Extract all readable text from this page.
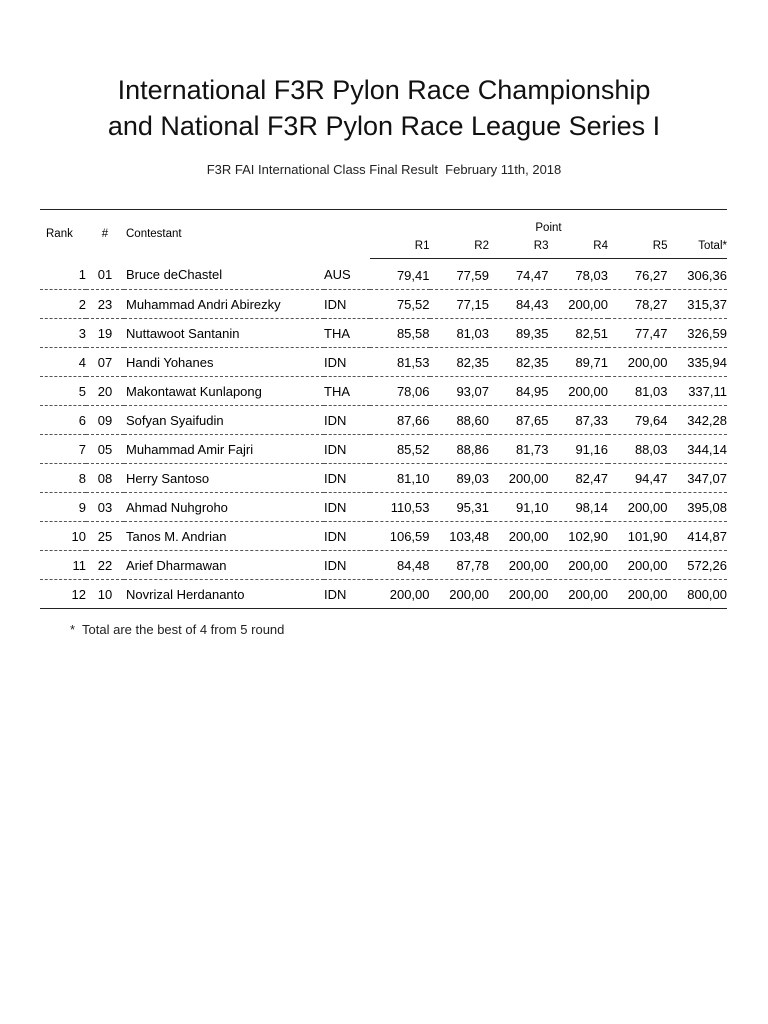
International F3R Pylon Race Championship
and National F3R Pylon Race League Series I
F3R FAI International Class Final Result  February 11th, 2018
Rank	#	Contestant		Point					
				R1	R2	R3	R4	R5	Total*
1	01	Bruce deChastel	AUS	79,41	77,59	74,47	78,03	76,27	306,36
2	23	Muhammad Andri Abirezky	IDN	75,52	77,15	84,43	200,00	78,27	315,37
3	19	Nuttawoot Santanin	THA	85,58	81,03	89,35	82,51	77,47	326,59
4	07	Handi Yohanes	IDN	81,53	82,35	82,35	89,71	200,00	335,94
5	20	Makontawat Kunlapong	THA	78,06	93,07	84,95	200,00	81,03	337,11
6	09	Sofyan Syaifudin	IDN	87,66	88,60	87,65	87,33	79,64	342,28
7	05	Muhammad Amir Fajri	IDN	85,52	88,86	81,73	91,16	88,03	344,14
8	08	Herry Santoso	IDN	81,10	89,03	200,00	82,47	94,47	347,07
9	03	Ahmad Nuhgroho	IDN	110,53	95,31	91,10	98,14	200,00	395,08
10	25	Tanos M. Andrian	IDN	106,59	103,48	200,00	102,90	101,90	414,87
11	22	Arief Dharmawan	IDN	84,48	87,78	200,00	200,00	200,00	572,26
12	10	Novrizal Herdananto	IDN	200,00	200,00	200,00	200,00	200,00	800,00
*  Total are the best of 4 from 5 round
